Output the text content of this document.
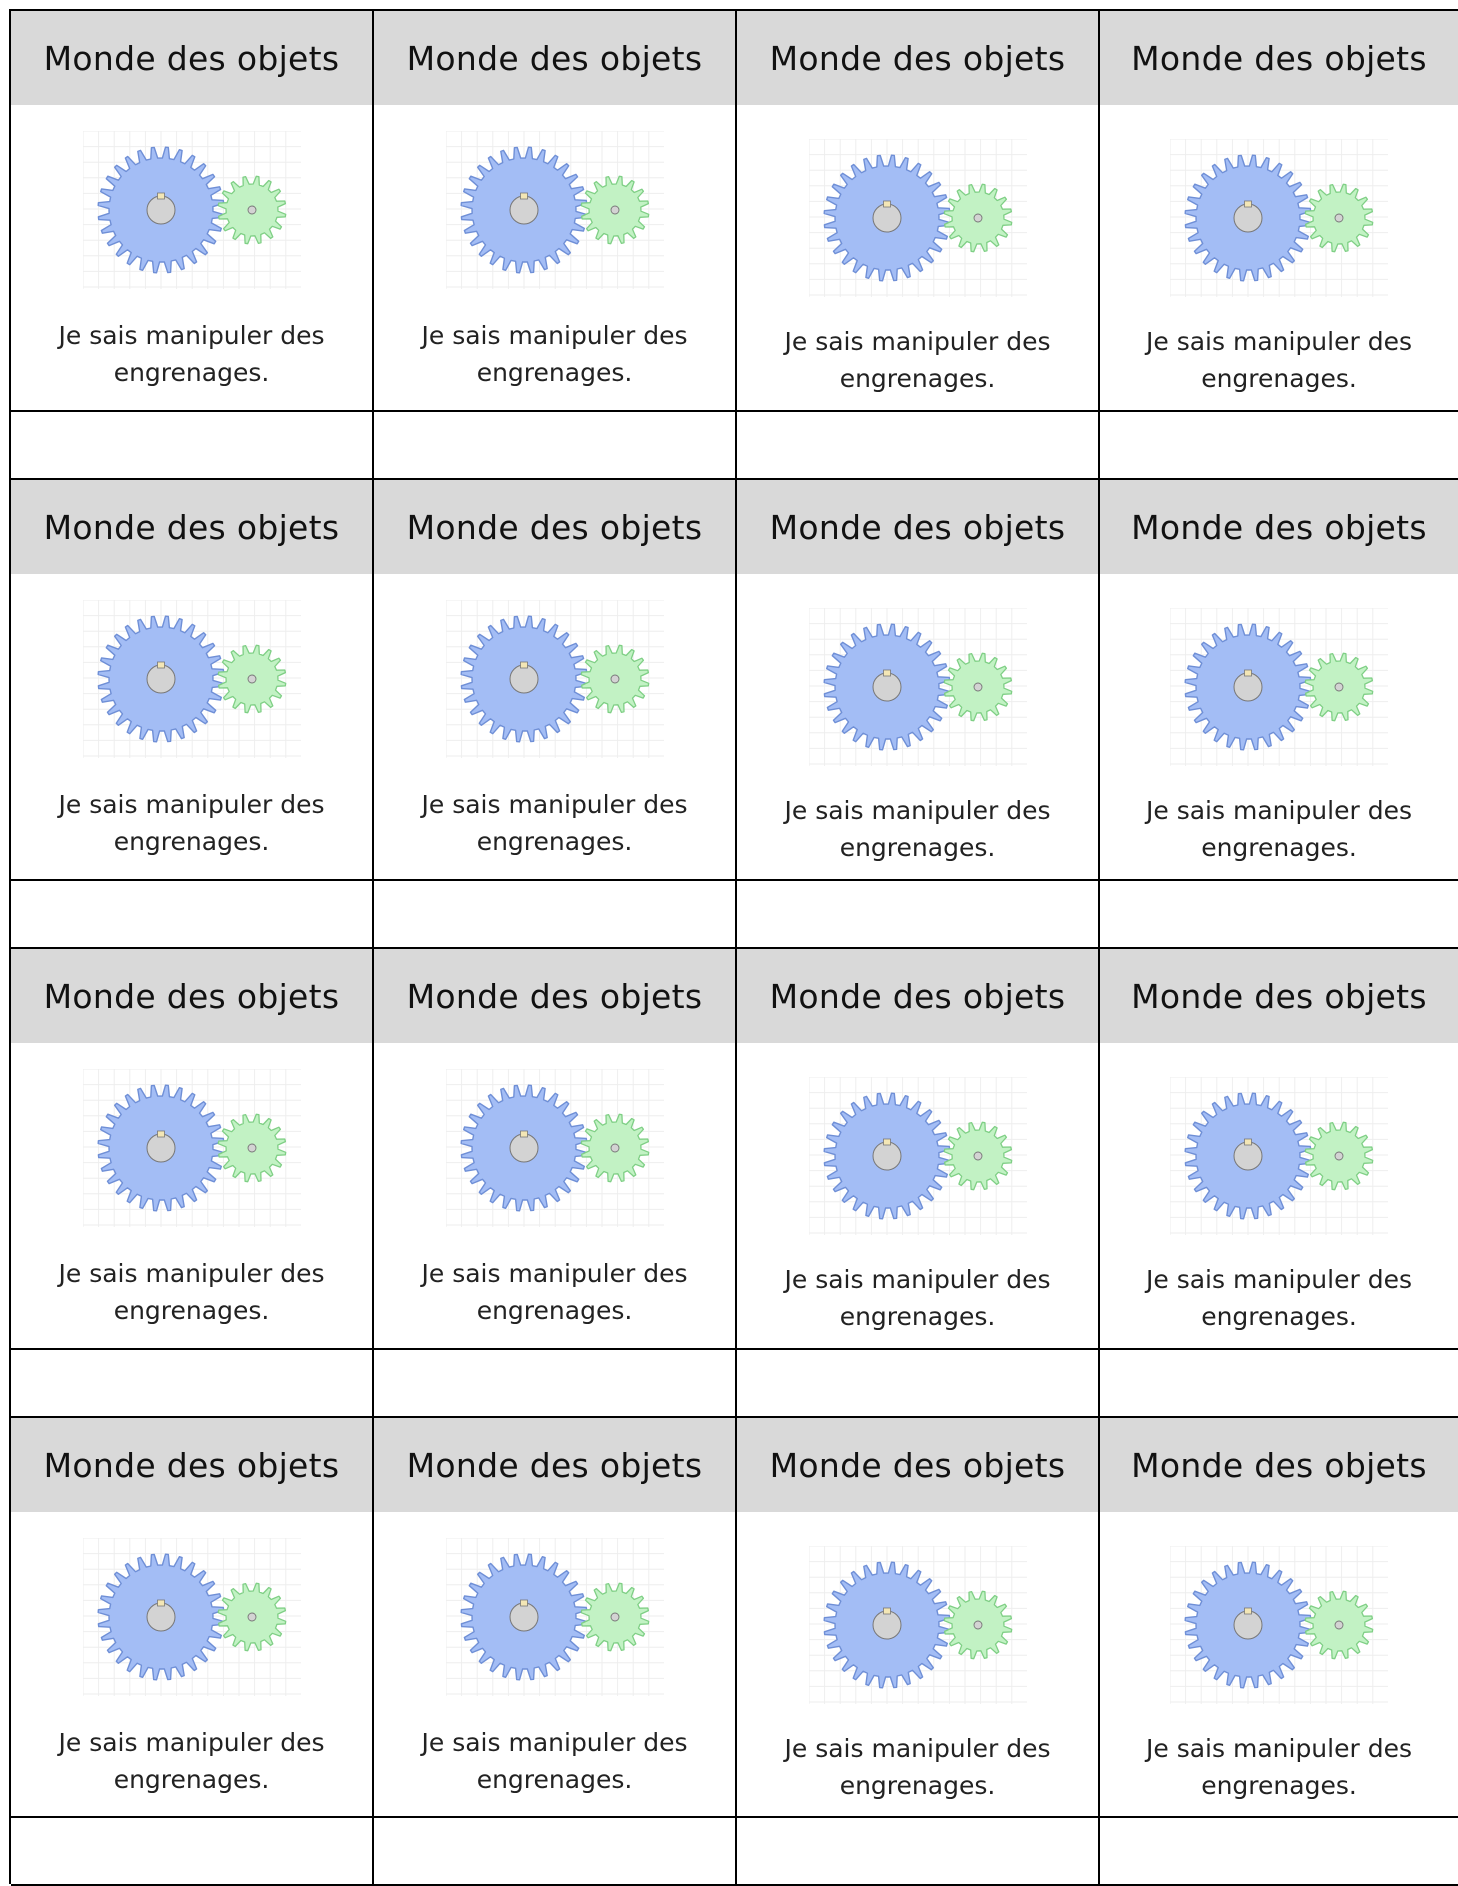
Monde des objets
Je sais manipuler des
engrenages.
Monde des objets
Je sais manipuler des
engrenages.
Monde des objets
Je sais manipuler des
engrenages.
Monde des objets
Je sais manipuler des
engrenages.
Monde des objets
Je sais manipuler des
engrenages.
Monde des objets
Je sais manipuler des
engrenages.
Monde des objets
Je sais manipuler des
engrenages.
Monde des objets
Je sais manipuler des
engrenages.
Monde des objets
Je sais manipuler des
engrenages.
Monde des objets
Je sais manipuler des
engrenages.
Monde des objets
Je sais manipuler des
engrenages.
Monde des objets
Je sais manipuler des
engrenages.
Monde des objets
Je sais manipuler des
engrenages.
Monde des objets
Je sais manipuler des
engrenages.
Monde des objets
Je sais manipuler des
engrenages.
Monde des objets
Je sais manipuler des
engrenages.
